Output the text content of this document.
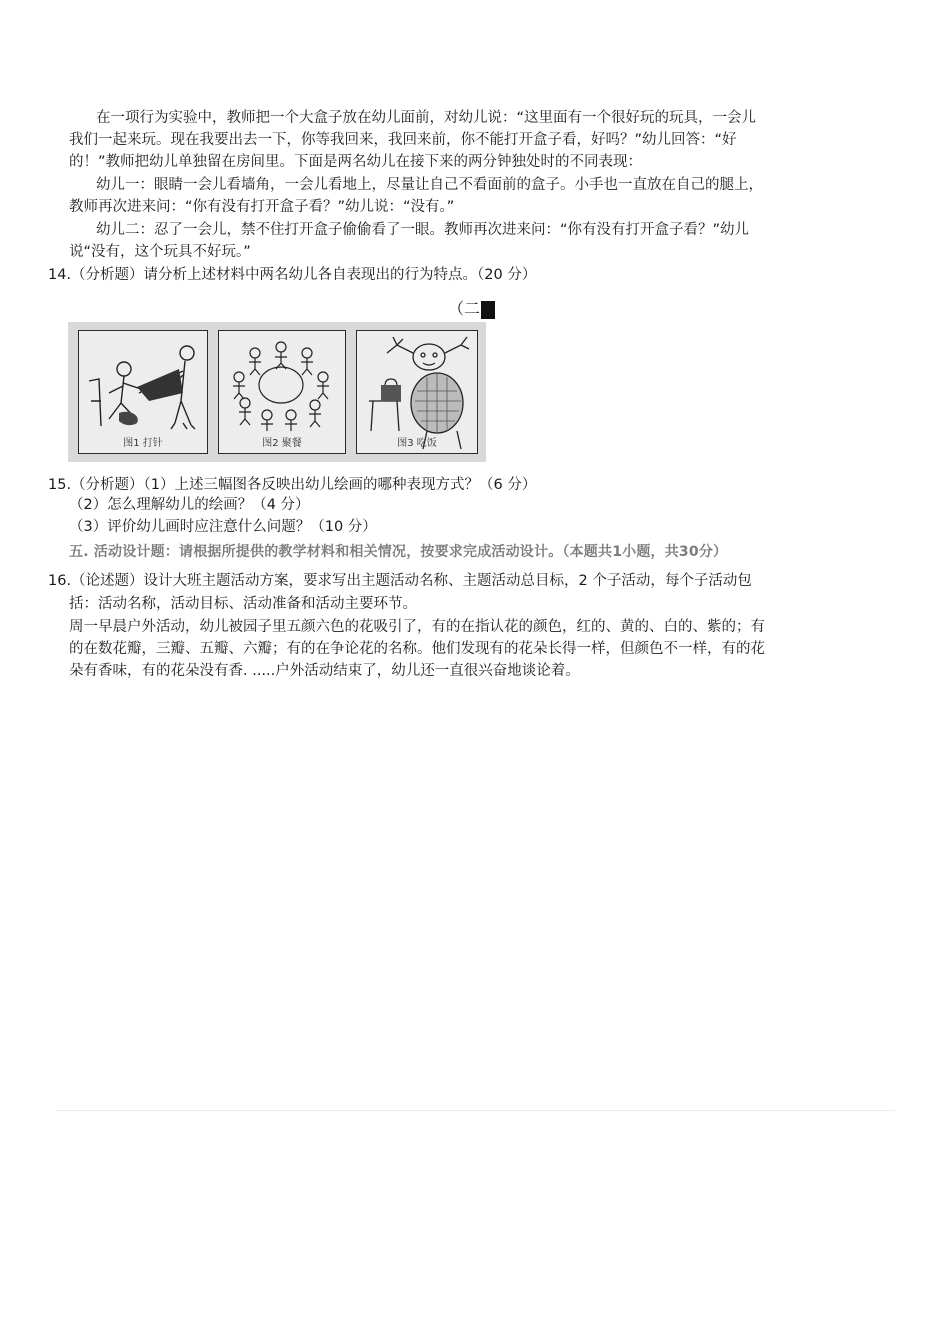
在一项行为实验中，教师把一个大盒子放在幼儿面前，对幼儿说：“这里面有一个很好玩的玩具，一会儿
我们一起来玩。现在我要出去一下，你等我回来，我回来前，你不能打开盒子看，好吗？”幼儿回答：“好
的！”教师把幼儿单独留在房间里。下面是两名幼儿在接下来的两分钟独处时的不同表现：
幼儿一：眼睛一会儿看墙角，一会儿看地上，尽量让自己不看面前的盒子。小手也一直放在自己的腿上，
教师再次进来问：“你有没有打开盒子看？”幼儿说：“没有。”
幼儿二：忍了一会儿，禁不住打开盒子偷偷看了一眼。教师再次进来问：“你有没有打开盒子看？”幼儿
说“没有，这个玩具不好玩。”
14.（分析题）请分析上述材料中两名幼儿各自表现出的行为特点。（20 分）
（二
图1 打针	图2 聚餐	图3 吃饭
15.（分析题）（1）上述三幅图各反映出幼儿绘画的哪种表现方式？（6 分）
（2）怎么理解幼儿的绘画？（4 分）
（3）评价幼儿画时应注意什么问题？（10 分）
五. 活动设计题：请根据所提供的教学材料和相关情况，按要求完成活动设计。（本题共1小题，共30分）
16.（论述题）设计大班主题活动方案，要求写出主题活动名称、主题活动总目标，2 个子活动，每个子活动包
括：活动名称，活动目标、活动准备和活动主要环节。
周一早晨户外活动，幼儿被园子里五颜六色的花吸引了，有的在指认花的颜色，红的、黄的、白的、紫的；有
的在数花瓣，三瓣、五瓣、六瓣；有的在争论花的名称。他们发现有的花朵长得一样，但颜色不一样，有的花
朵有香味，有的花朵没有香. .....户外活动结束了，幼儿还一直很兴奋地谈论着。
